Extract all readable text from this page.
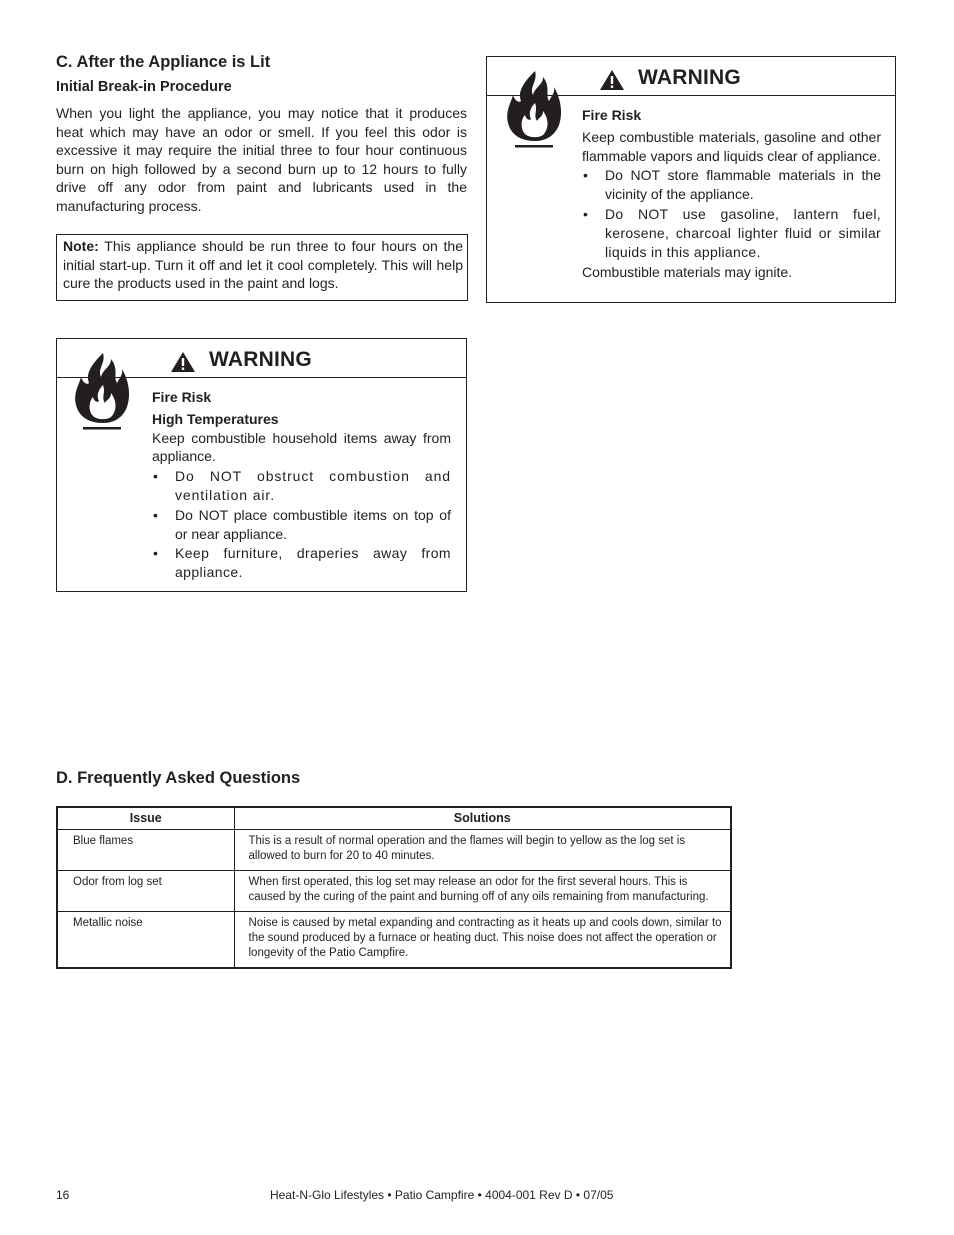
C. After the Appliance is Lit
Initial Break-in Procedure
When you light the appliance, you may notice that it produces heat which may have an odor or smell. If you feel this odor is excessive it may require the initial three to four hour continuous burn on high followed by a second burn up to 12 hours to fully drive off any odor from paint and lubricants used in the manufacturing process.
Note: This appliance should be run three to four hours on the initial start-up. Turn it off and let it cool completely. This will help cure the products used in the paint and logs.
WARNING
Fire Risk

Keep combustible materials, gasoline and other flammable vapors and liquids clear of appliance.

• Do NOT store flammable materials in the vicinity of the appliance.
• Do NOT use gasoline, lantern fuel, kerosene, charcoal lighter fluid or similar liquids in this appliance.

Combustible materials may ignite.

WARNING
Fire Risk
High Temperatures

Keep combustible household items away from appliance.

• Do NOT obstruct combustion and ventilation air.
• Do NOT place combustible items on top of or near appliance.
• Keep furniture, draperies away from appliance.
D. Frequently Asked Questions
Issue	Solutions
Blue flames	This is a result of normal operation and the flames will begin to yellow as the log set is allowed to burn for 20 to 40 minutes.
Odor from log set	When first operated, this log set may release an odor for the first several hours. This is caused by the curing of the paint and burning off of any oils remaining from manufacturing.
Metallic noise	Noise is caused by metal expanding and contracting as it heats up and cools down, similar to the sound produced by a furnace or heating duct. This noise does not affect the operation or longevity of the Patio Campfire.
16	Heat-N-Glo Lifestyles • Patio Campfire • 4004-001 Rev D • 07/05
